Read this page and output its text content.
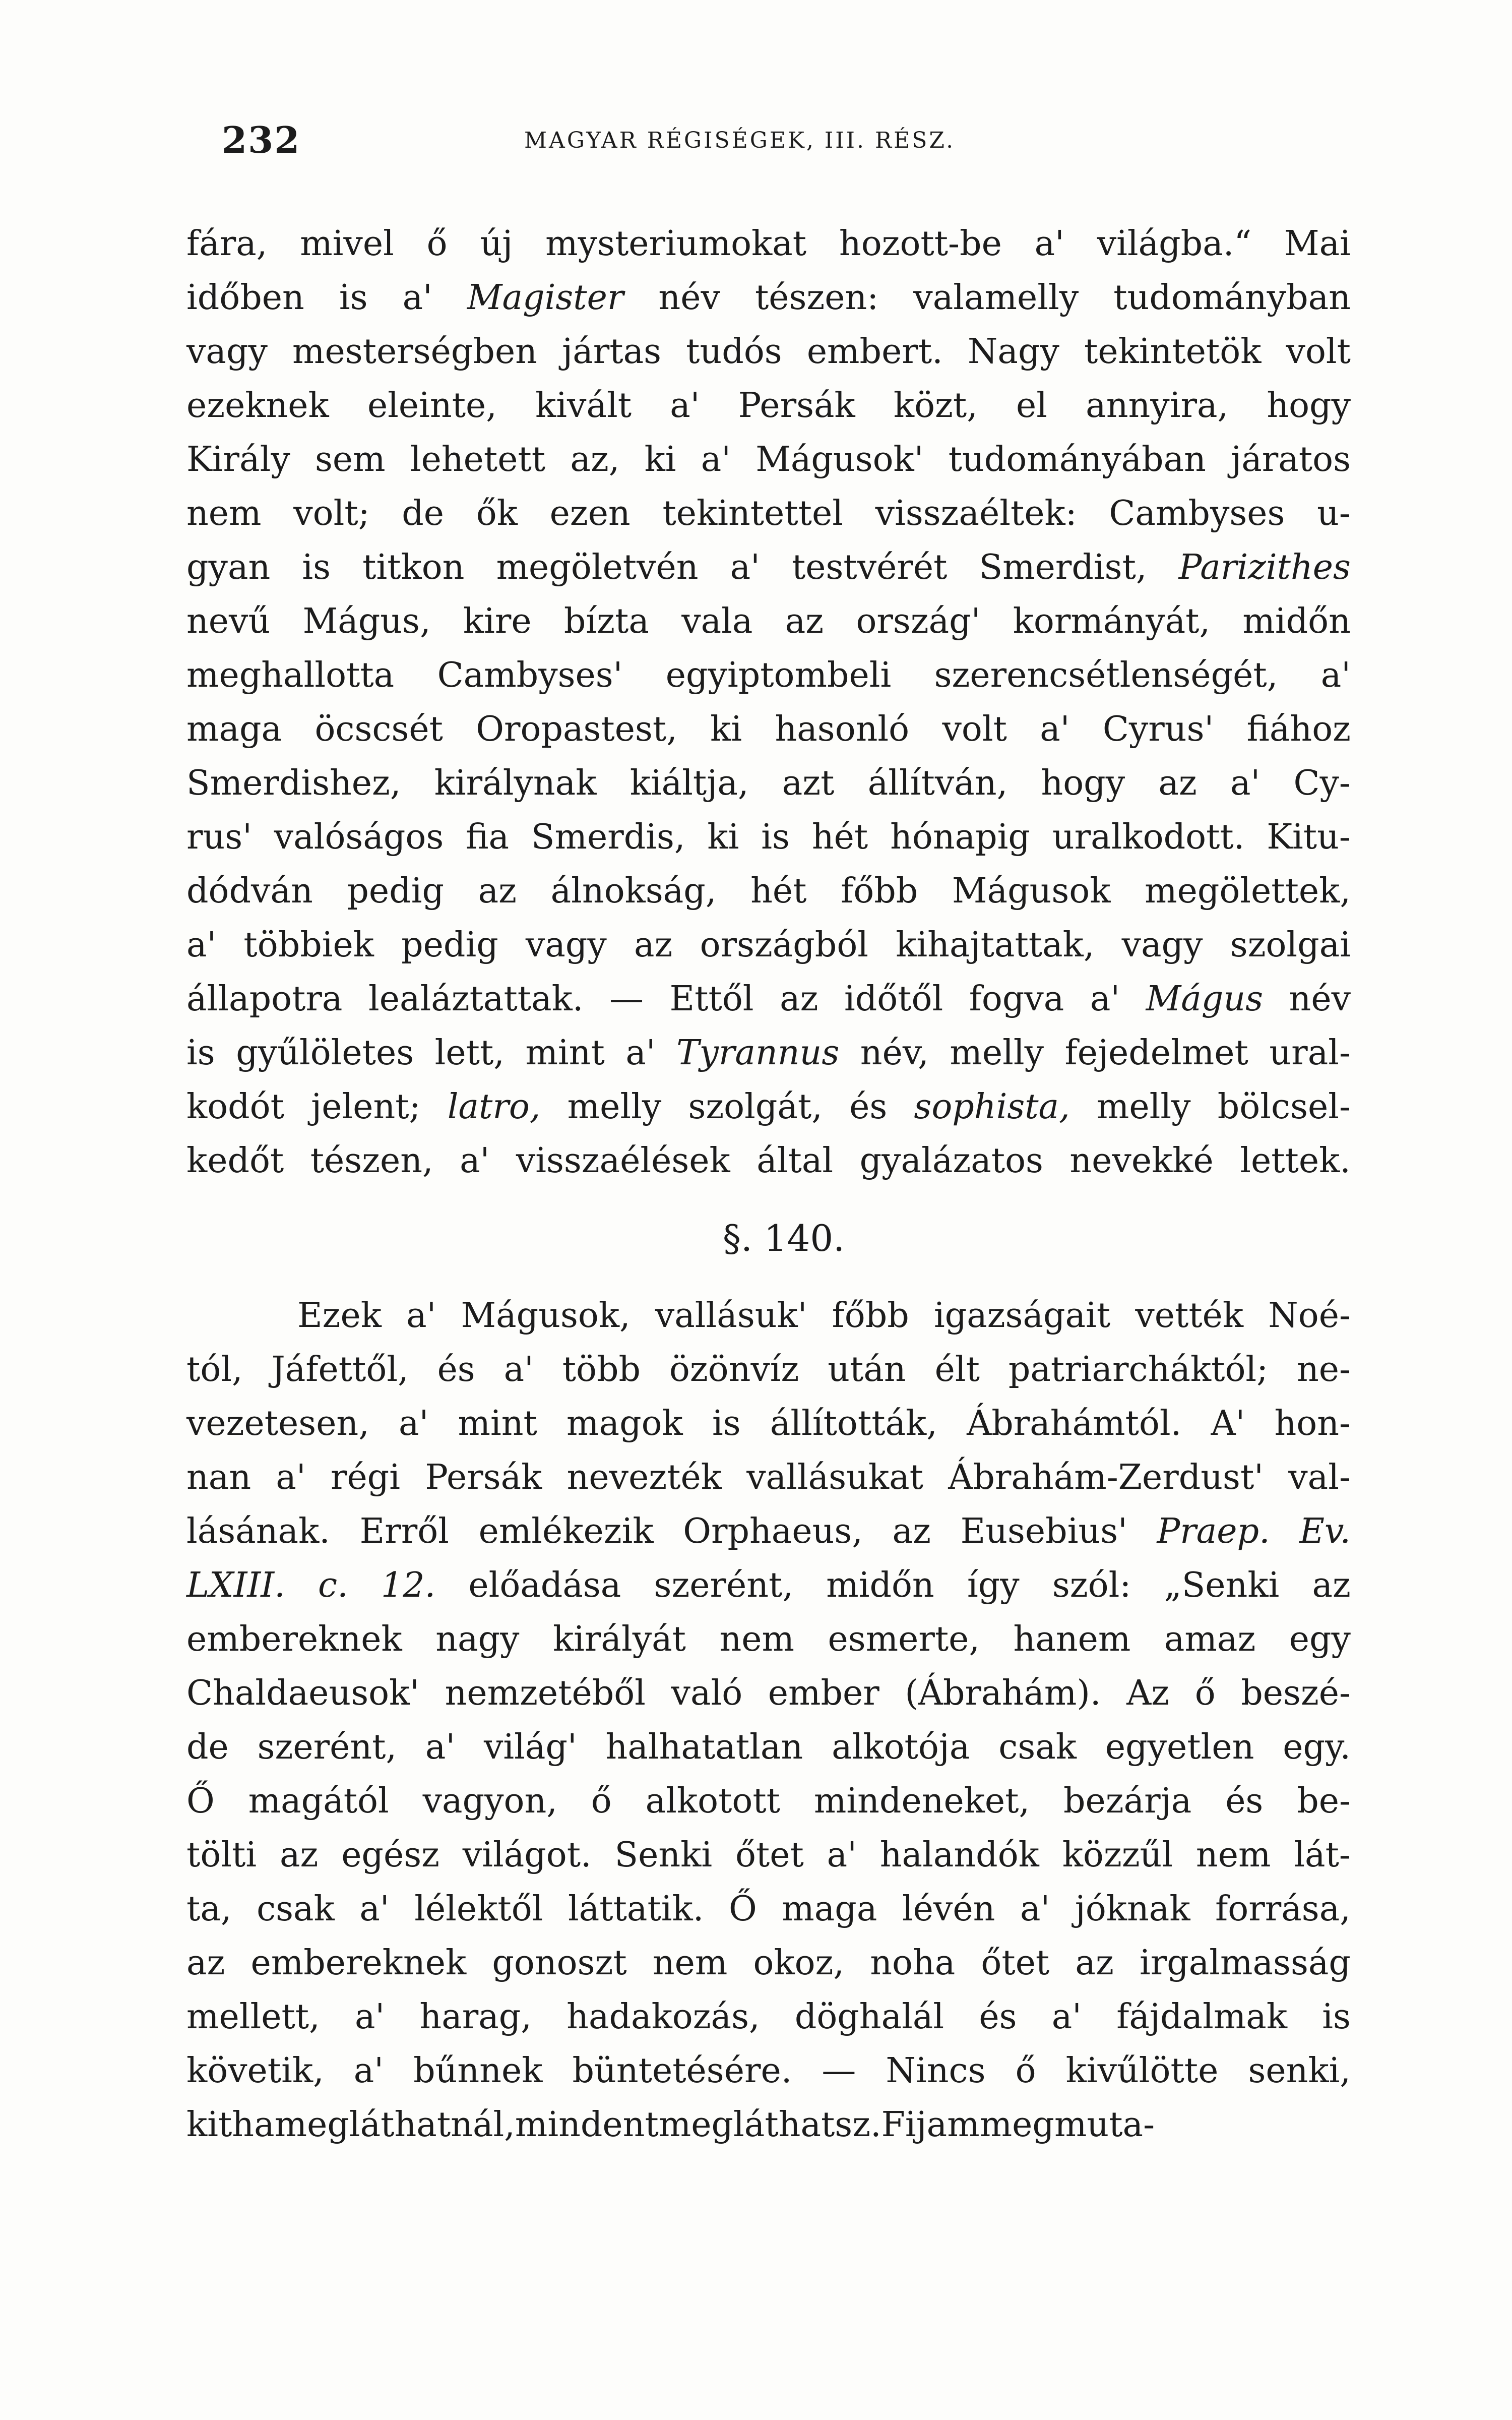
232	MAGYAR RÉGISÉGEK, III. RÉSZ.
fára, mivel ő új mysteriumokat hozott-be a' világba.“ Mai
időben is a' Magister név tészen: valamelly tudományban
vagy mesterségben jártas tudós embert. Nagy tekintetök volt
ezeknek eleinte, kivált a' Persák közt, el annyira, hogy
Király sem lehetett az, ki a' Mágusok' tudományában járatos
nem volt; de ők ezen tekintettel visszaéltek: Cambyses u-
gyan is titkon megöletvén a' testvérét Smerdist, Parizithes
nevű Mágus, kire bízta vala az ország' kormányát, midőn
meghallotta Cambyses' egyiptombeli szerencsétlenségét, a'
maga öcscsét Oropastest, ki hasonló volt a' Cyrus' fiához
Smerdishez, királynak kiáltja, azt állítván, hogy az a' Cy-
rus' valóságos fia Smerdis, ki is hét hónapig uralkodott. Kitu-
dódván pedig az álnokság, hét főbb Mágusok megölettek,
a' többiek pedig vagy az országból kihajtattak, vagy szolgai
állapotra lealáztattak. — Ettől az időtől fogva a' Mágus név
is gyűlöletes lett, mint a' Tyrannus név, melly fejedelmet ural-
kodót jelent; latro, melly szolgát, és sophista, melly bölcsel-
kedőt tészen, a' visszaélések által gyalázatos nevekké lettek.
§. 140.
Ezek a' Mágusok, vallásuk' főbb igazságait vették Noé-
tól, Jáfettől, és a' több özönvíz után élt patriarcháktól; ne-
vezetesen, a' mint magok is állították, Ábrahámtól. A' hon-
nan a' régi Persák nevezték vallásukat Ábrahám-Zerdust' val-
lásának. Erről emlékezik Orphaeus, az Eusebius' Praep. Ev.
LXIII. c. 12. előadása szerént, midőn így szól: „Senki az
embereknek nagy királyát nem esmerte, hanem amaz egy
Chaldaeusok' nemzetéből való ember (Ábrahám). Az ő beszé-
de szerént, a' világ' halhatatlan alkotója csak egyetlen egy.
Ő magától vagyon, ő alkotott mindeneket, bezárja és be-
tölti az egész világot. Senki őtet a' halandók közzűl nem lát-
ta, csak a' lélektől láttatik. Ő maga lévén a' jóknak forrása,
az embereknek gonoszt nem okoz, noha őtet az irgalmasság
mellett, a' harag, hadakozás, döghalál és a' fájdalmak is
követik, a' bűnnek büntetésére. — Nincs ő kivűlötte senki,
kit ha megláthatnál, mindent megláthatsz. Fijam megmuta-
